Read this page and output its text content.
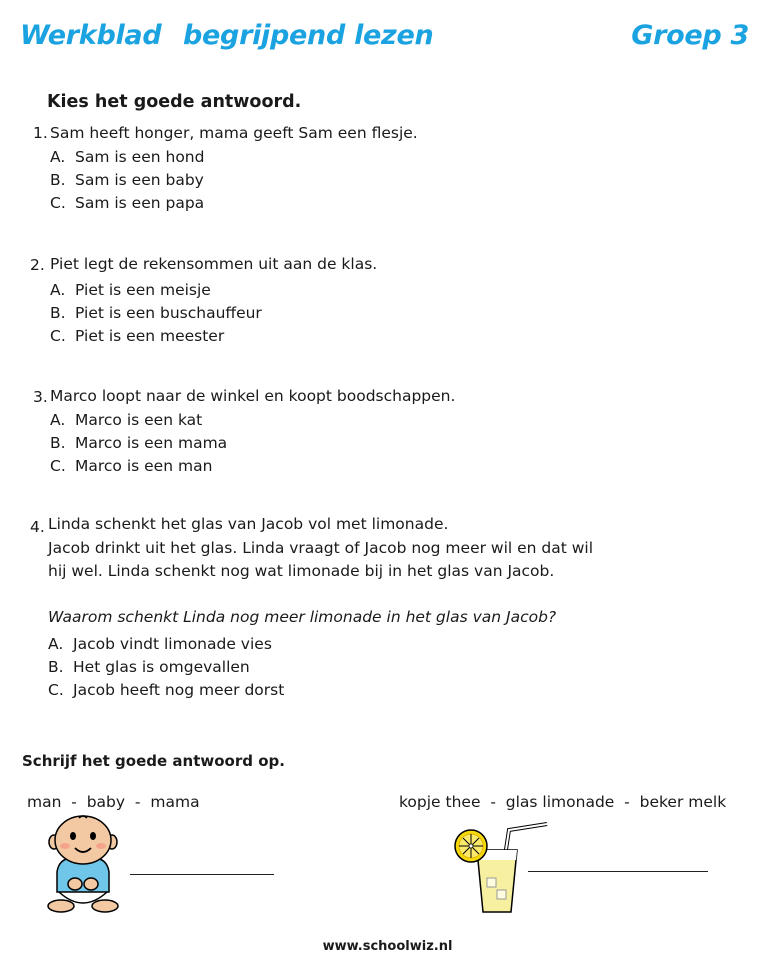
Werkblad begrijpend lezen	Groep 3
Kies het goede antwoord.
1. Sam heeft honger, mama geeft Sam een flesje.
A. Sam is een hond
B. Sam is een baby
C. Sam is een papa
2. Piet legt de rekensommen uit aan de klas.
A. Piet is een meisje
B. Piet is een buschauffeur
C. Piet is een meester
3. Marco loopt naar de winkel en koopt boodschappen.
A. Marco is een kat
B. Marco is een mama
C. Marco is een man
4. Linda schenkt het glas van Jacob vol met limonade.
Jacob drinkt uit het glas. Linda vraagt of Jacob nog meer wil en dat wil
hij wel. Linda schenkt nog wat limonade bij in het glas van Jacob.
Waarom schenkt Linda nog meer limonade in het glas van Jacob?
A. Jacob vindt limonade vies
B. Het glas is omgevallen
C. Jacob heeft nog meer dorst
Schrijf het goede antwoord op.
man  -  baby  -  mama	kopje thee  -  glas limonade  -  beker melk
www.schoolwiz.nl
